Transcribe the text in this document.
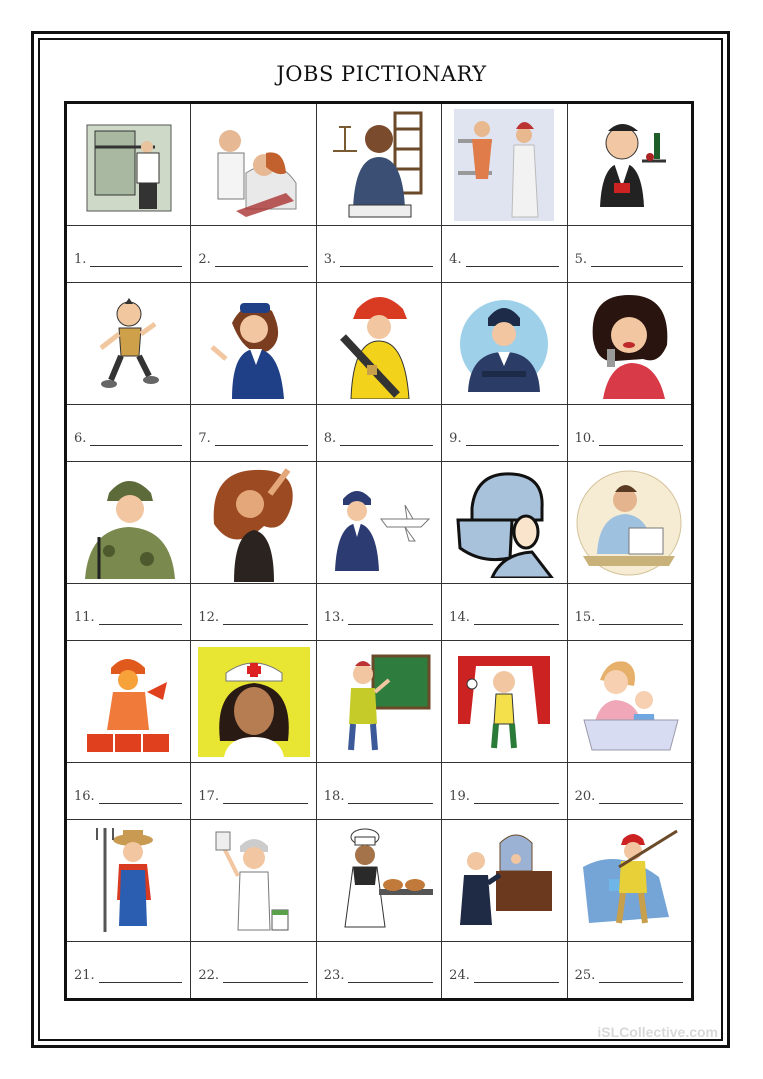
JOBS PICTIONARY

1.	2.	3.	4.	5.

6.	7.	8.	9.	10.

11.	12.	13.	14.	15.

16.	17.	18.	19.	20.

21.	22.	23.	24.	25.
iSLCollective.com
